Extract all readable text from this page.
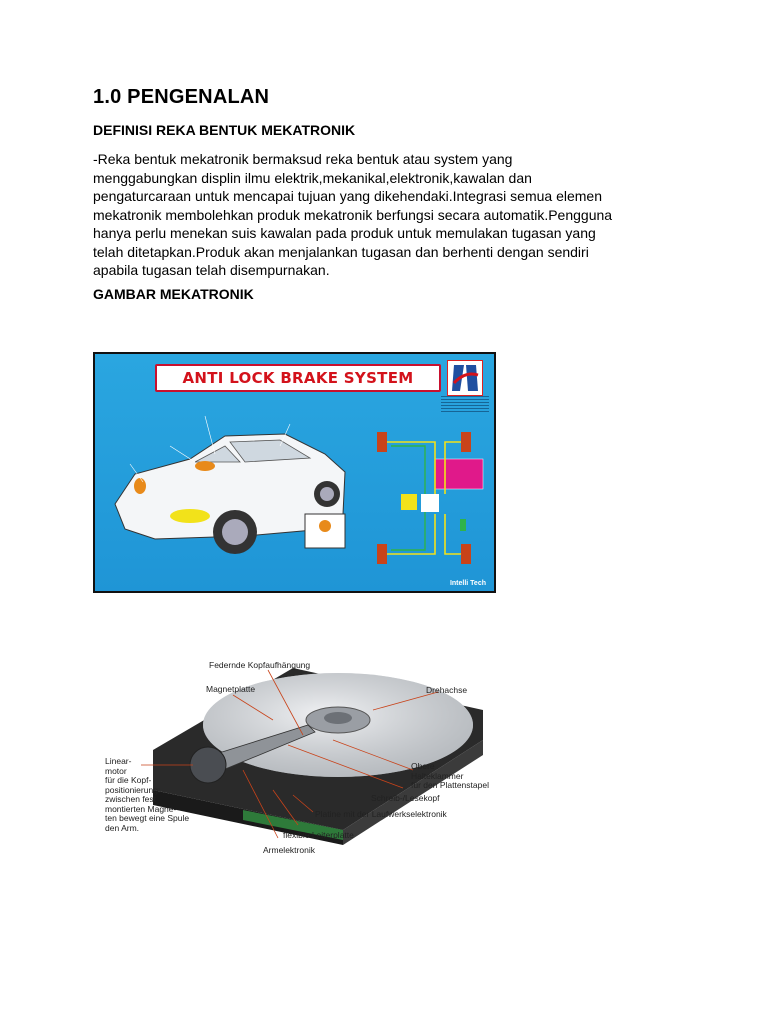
1.0 PENGENALAN
DEFINISI REKA BENTUK MEKATRONIK
-Reka bentuk mekatronik bermaksud reka bentuk atau system yang
menggabungkan displin ilmu elektrik,mekanikal,elektronik,kawalan dan
pengaturcaraan untuk mencapai tujuan yang dikehendaki.Integrasi semua elemen
mekatronik membolehkan produk mekatronik berfungsi secara automatik.Pengguna
hanya perlu menekan suis kawalan pada produk untuk memulakan tugasan yang
telah ditetapkan.Produk akan menjalankan tugasan dan berhenti dengan sendiri
apabila tugasan telah disempurnakan.
GAMBAR MEKATRONIK
ANTI LOCK BRAKE SYSTEM
Intelli Tech
Federnde Kopfaufhängung
Magnetplatte	Drehachse
Linear-
motor
für die Kopf-
positionierung:
zwischen fest
montierten Magne-
ten bewegt eine Spule
den Arm.
Obere
Halteklammer
für den Plattenstapel
Schreib-/Lesekopf
Platine mit der Laufwerkselektronik
flexible Leiterplatte
Armelektronik
